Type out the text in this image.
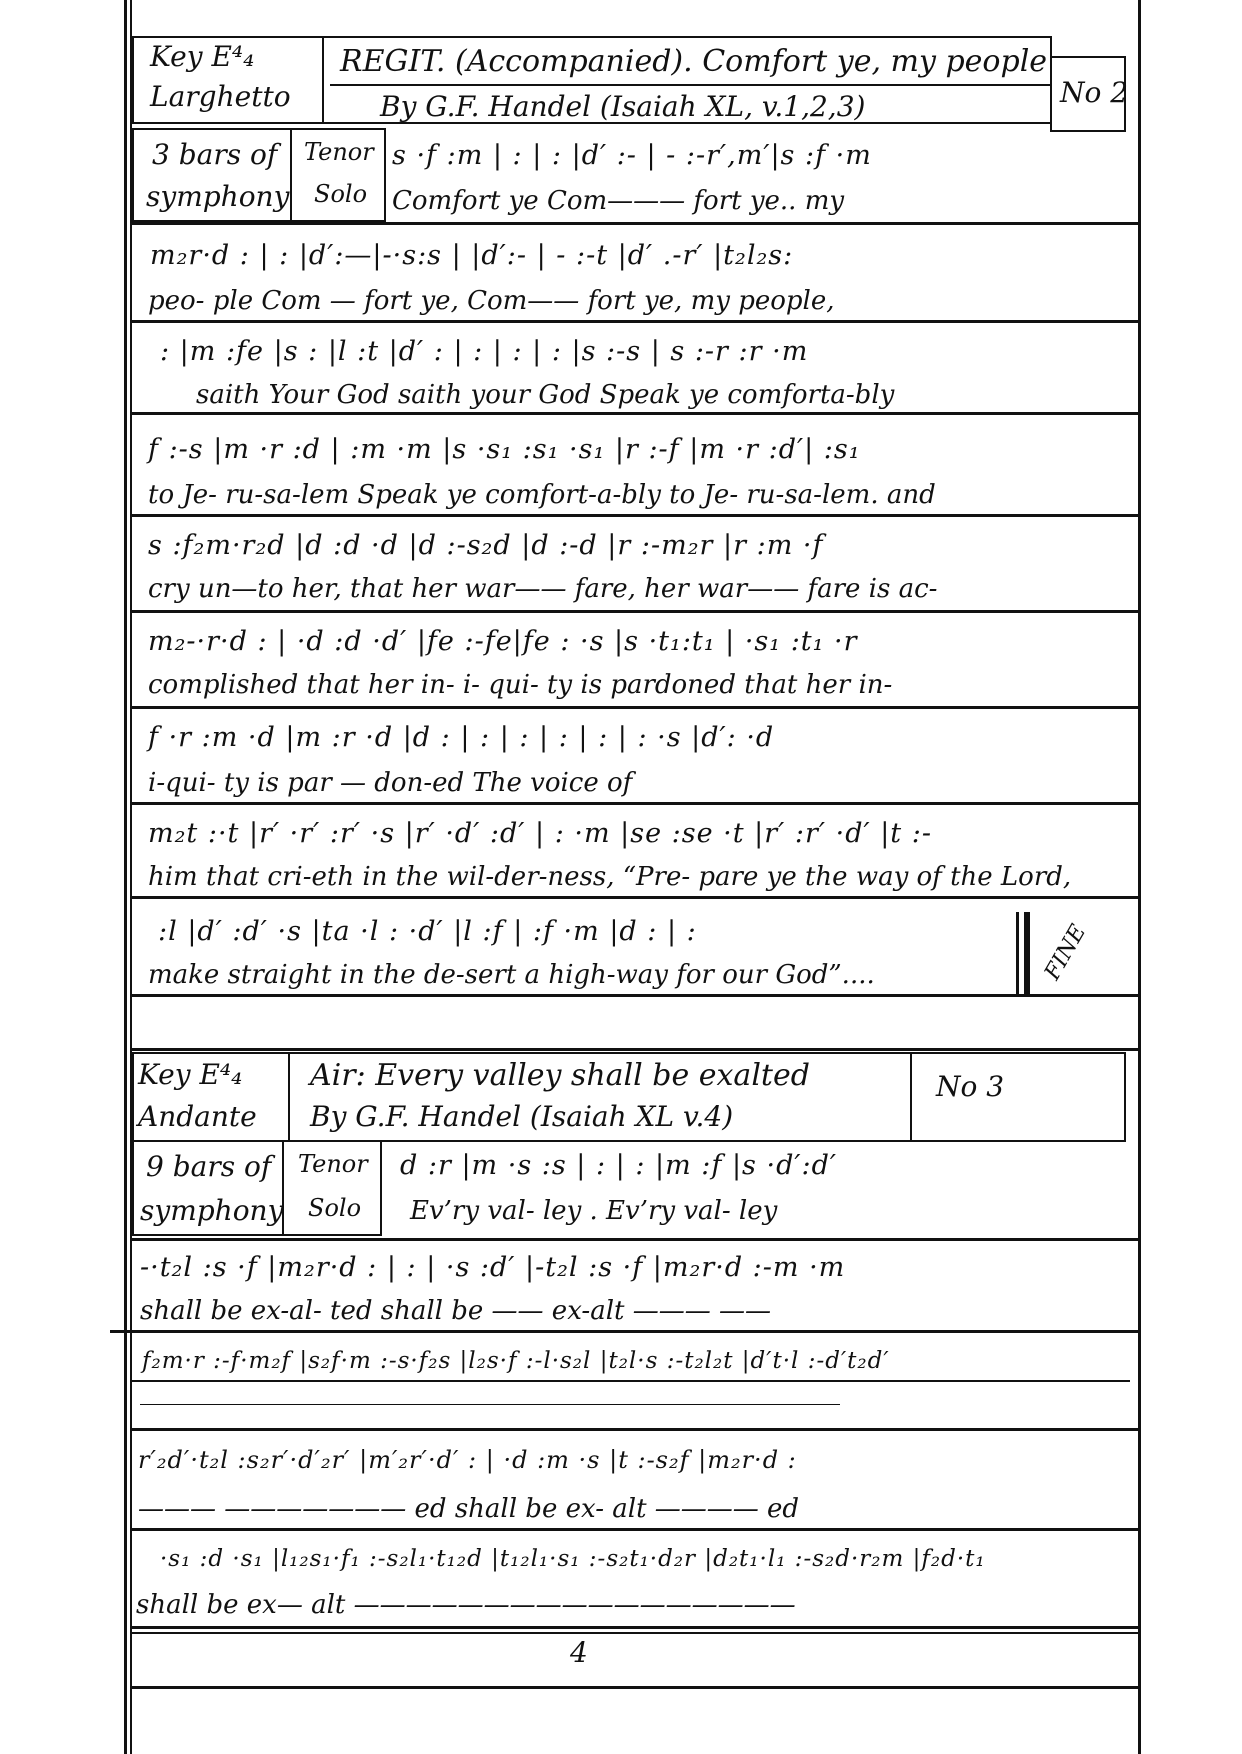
Key E⁴₄
Larghetto
REGIT. (Accompanied). Comfort ye, my people
By G.F. Handel (Isaiah XL, v.1,2,3)	No 2
3 bars of
symphony
Tenor
Solo
s ·f :m | : | : |d′ :- | - :-r′,m′|s :f ·m
Comfort ye Com——— fort ye.. my
m₂r·d : | : |d′:—|-·s:s | |d′:- | - :-t |d′ .-r′ |t₂l₂s:
peo- ple Com — fort ye, Com—— fort ye, my people,
: |m :fe |s : |l :t |d′ : | : | : | : |s :-s | s :-r :r ·m
saith Your God saith your God Speak ye comforta-bly
f :-s |m ·r :d | :m ·m |s ·s₁ :s₁ ·s₁ |r :-f |m ·r :d′| :s₁
to Je- ru-sa-lem Speak ye comfort-a-bly to Je- ru-sa-lem. and
s :f₂m·r₂d |d :d ·d |d :-s₂d |d :-d |r :-m₂r |r :m ·f
cry un—to her, that her war—— fare, her war—— fare is ac-
m₂-·r·d : | ·d :d ·d′ |fe :-fe|fe : ·s |s ·t₁:t₁ | ·s₁ :t₁ ·r
complished that her in- i- qui- ty is pardoned that her in-
f ·r :m ·d |m :r ·d |d : | : | : | : | : | : ·s |d′: ·d
i-qui- ty is par — don-ed The voice of
m₂t :·t |r′ ·r′ :r′ ·s |r′ ·d′ :d′ | : ·m |se :se ·t |r′ :r′ ·d′ |t :-
him that cri-eth in the wil-der-ness, “Pre- pare ye the way of the Lord,
:l |d′ :d′ ·s |ta ·l : ·d′ |l :f | :f ·m |d : | :
make straight in the de-sert a high-way for our God”....	FINE
Key E⁴₄
Andante
Air: Every valley shall be exalted
By G.F. Handel (Isaiah XL v.4)
No 3
9 bars of
symphony
Tenor
Solo
d :r |m ·s :s | : | : |m :f |s ·d′:d′
Ev’ry val- ley . Ev’ry val- ley
-·t₂l :s ·f |m₂r·d : | : | ·s :d′ |-t₂l :s ·f |m₂r·d :-m ·m
shall be ex-al- ted shall be —— ex-alt ——— ——
f₂m·r :-f·m₂f |s₂f·m :-s·f₂s |l₂s·f :-l·s₂l |t₂l·s :-t₂l₂t |d′t·l :-d′t₂d′
r′₂d′·t₂l :s₂r′·d′₂r′ |m′₂r′·d′ : | ·d :m ·s |t :-s₂f |m₂r·d :
——— ——————— ed shall be ex- alt ———— ed
·s₁ :d ·s₁ |l₁₂s₁·f₁ :-s₂l₁·t₁₂d |t₁₂l₁·s₁ :-s₂t₁·d₂r |d₂t₁·l₁ :-s₂d·r₂m |f₂d·t₁
shall be ex— alt —————————————————
4
